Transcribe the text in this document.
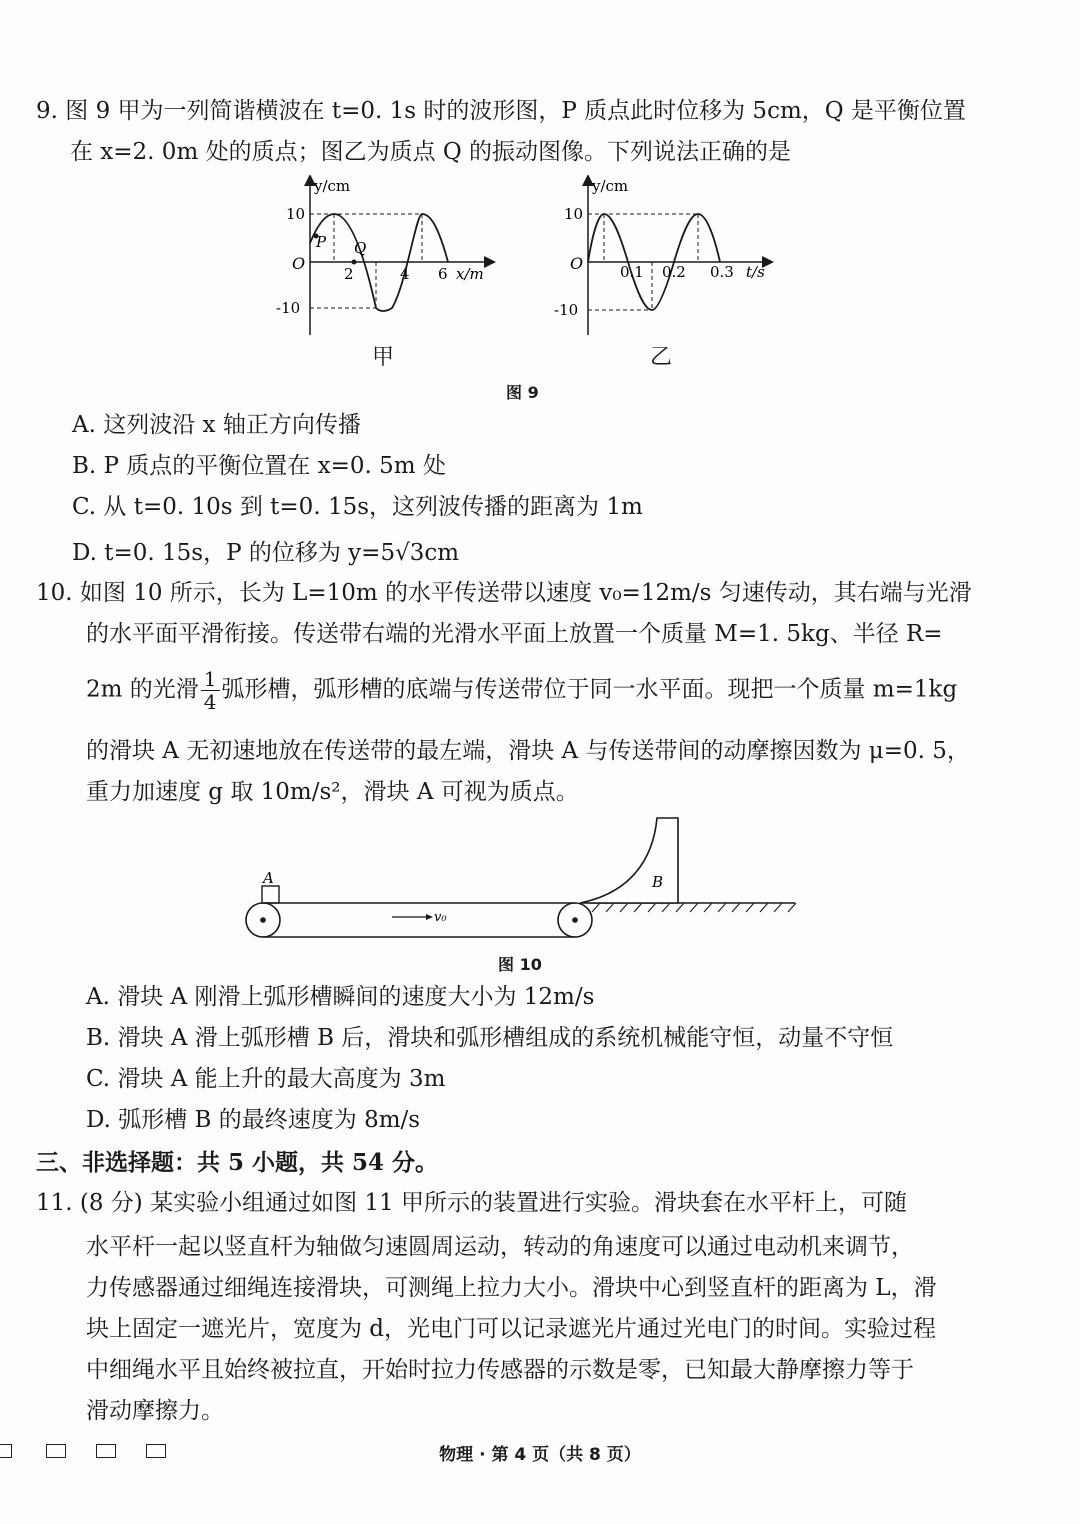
9. 图 9 甲为一列简谐横波在 t=0. 1s 时的波形图，P 质点此时位移为 5cm，Q 是平衡位置
在 x=2. 0m 处的质点；图乙为质点 Q 的振动图像。下列说法正确的是
y/cm
10
-10
O
P Q
2	4 6 x/m
甲
y/cm
10
-10
O 0.1 0.2 0.3 t/s
乙
图 9
A. 这列波沿 x 轴正方向传播
B. P 质点的平衡位置在 x=0. 5m 处
C. 从 t=0. 10s 到 t=0. 15s，这列波传播的距离为 1m
D. t=0. 15s，P 的位移为 y=5√3cm
10. 如图 10 所示，长为 L=10m 的水平传送带以速度 v₀=12m/s 匀速传动，其右端与光滑
的水平面平滑衔接。传送带右端的光滑水平面上放置一个质量 M=1. 5kg、半径 R=
2m 的光滑 $\frac{1}{4}$ 弧形槽，弧形槽的底端与传送带位于同一水平面。现把一个质量 m=1kg
的滑块 A 无初速地放在传送带的最左端，滑块 A 与传送带间的动摩擦因数为 μ=0. 5，
重力加速度 g 取 10m/s²，滑块 A 可视为质点。
A
v₀
B
图 10
A. 滑块 A 刚滑上弧形槽瞬间的速度大小为 12m/s
B. 滑块 A 滑上弧形槽 B 后，滑块和弧形槽组成的系统机械能守恒，动量不守恒
C. 滑块 A 能上升的最大高度为 3m
D. 弧形槽 B 的最终速度为 8m/s
三、非选择题：共 5 小题，共 54 分。
11. (8 分) 某实验小组通过如图 11 甲所示的装置进行实验。滑块套在水平杆上，可随
水平杆一起以竖直杆为轴做匀速圆周运动，转动的角速度可以通过电动机来调节，
力传感器通过细绳连接滑块，可测绳上拉力大小。滑块中心到竖直杆的距离为 L，滑
块上固定一遮光片，宽度为 d，光电门可以记录遮光片通过光电门的时间。实验过程
中细绳水平且始终被拉直，开始时拉力传感器的示数是零，已知最大静摩擦力等于
滑动摩擦力。
物理 · 第 4 页（共 8 页）
